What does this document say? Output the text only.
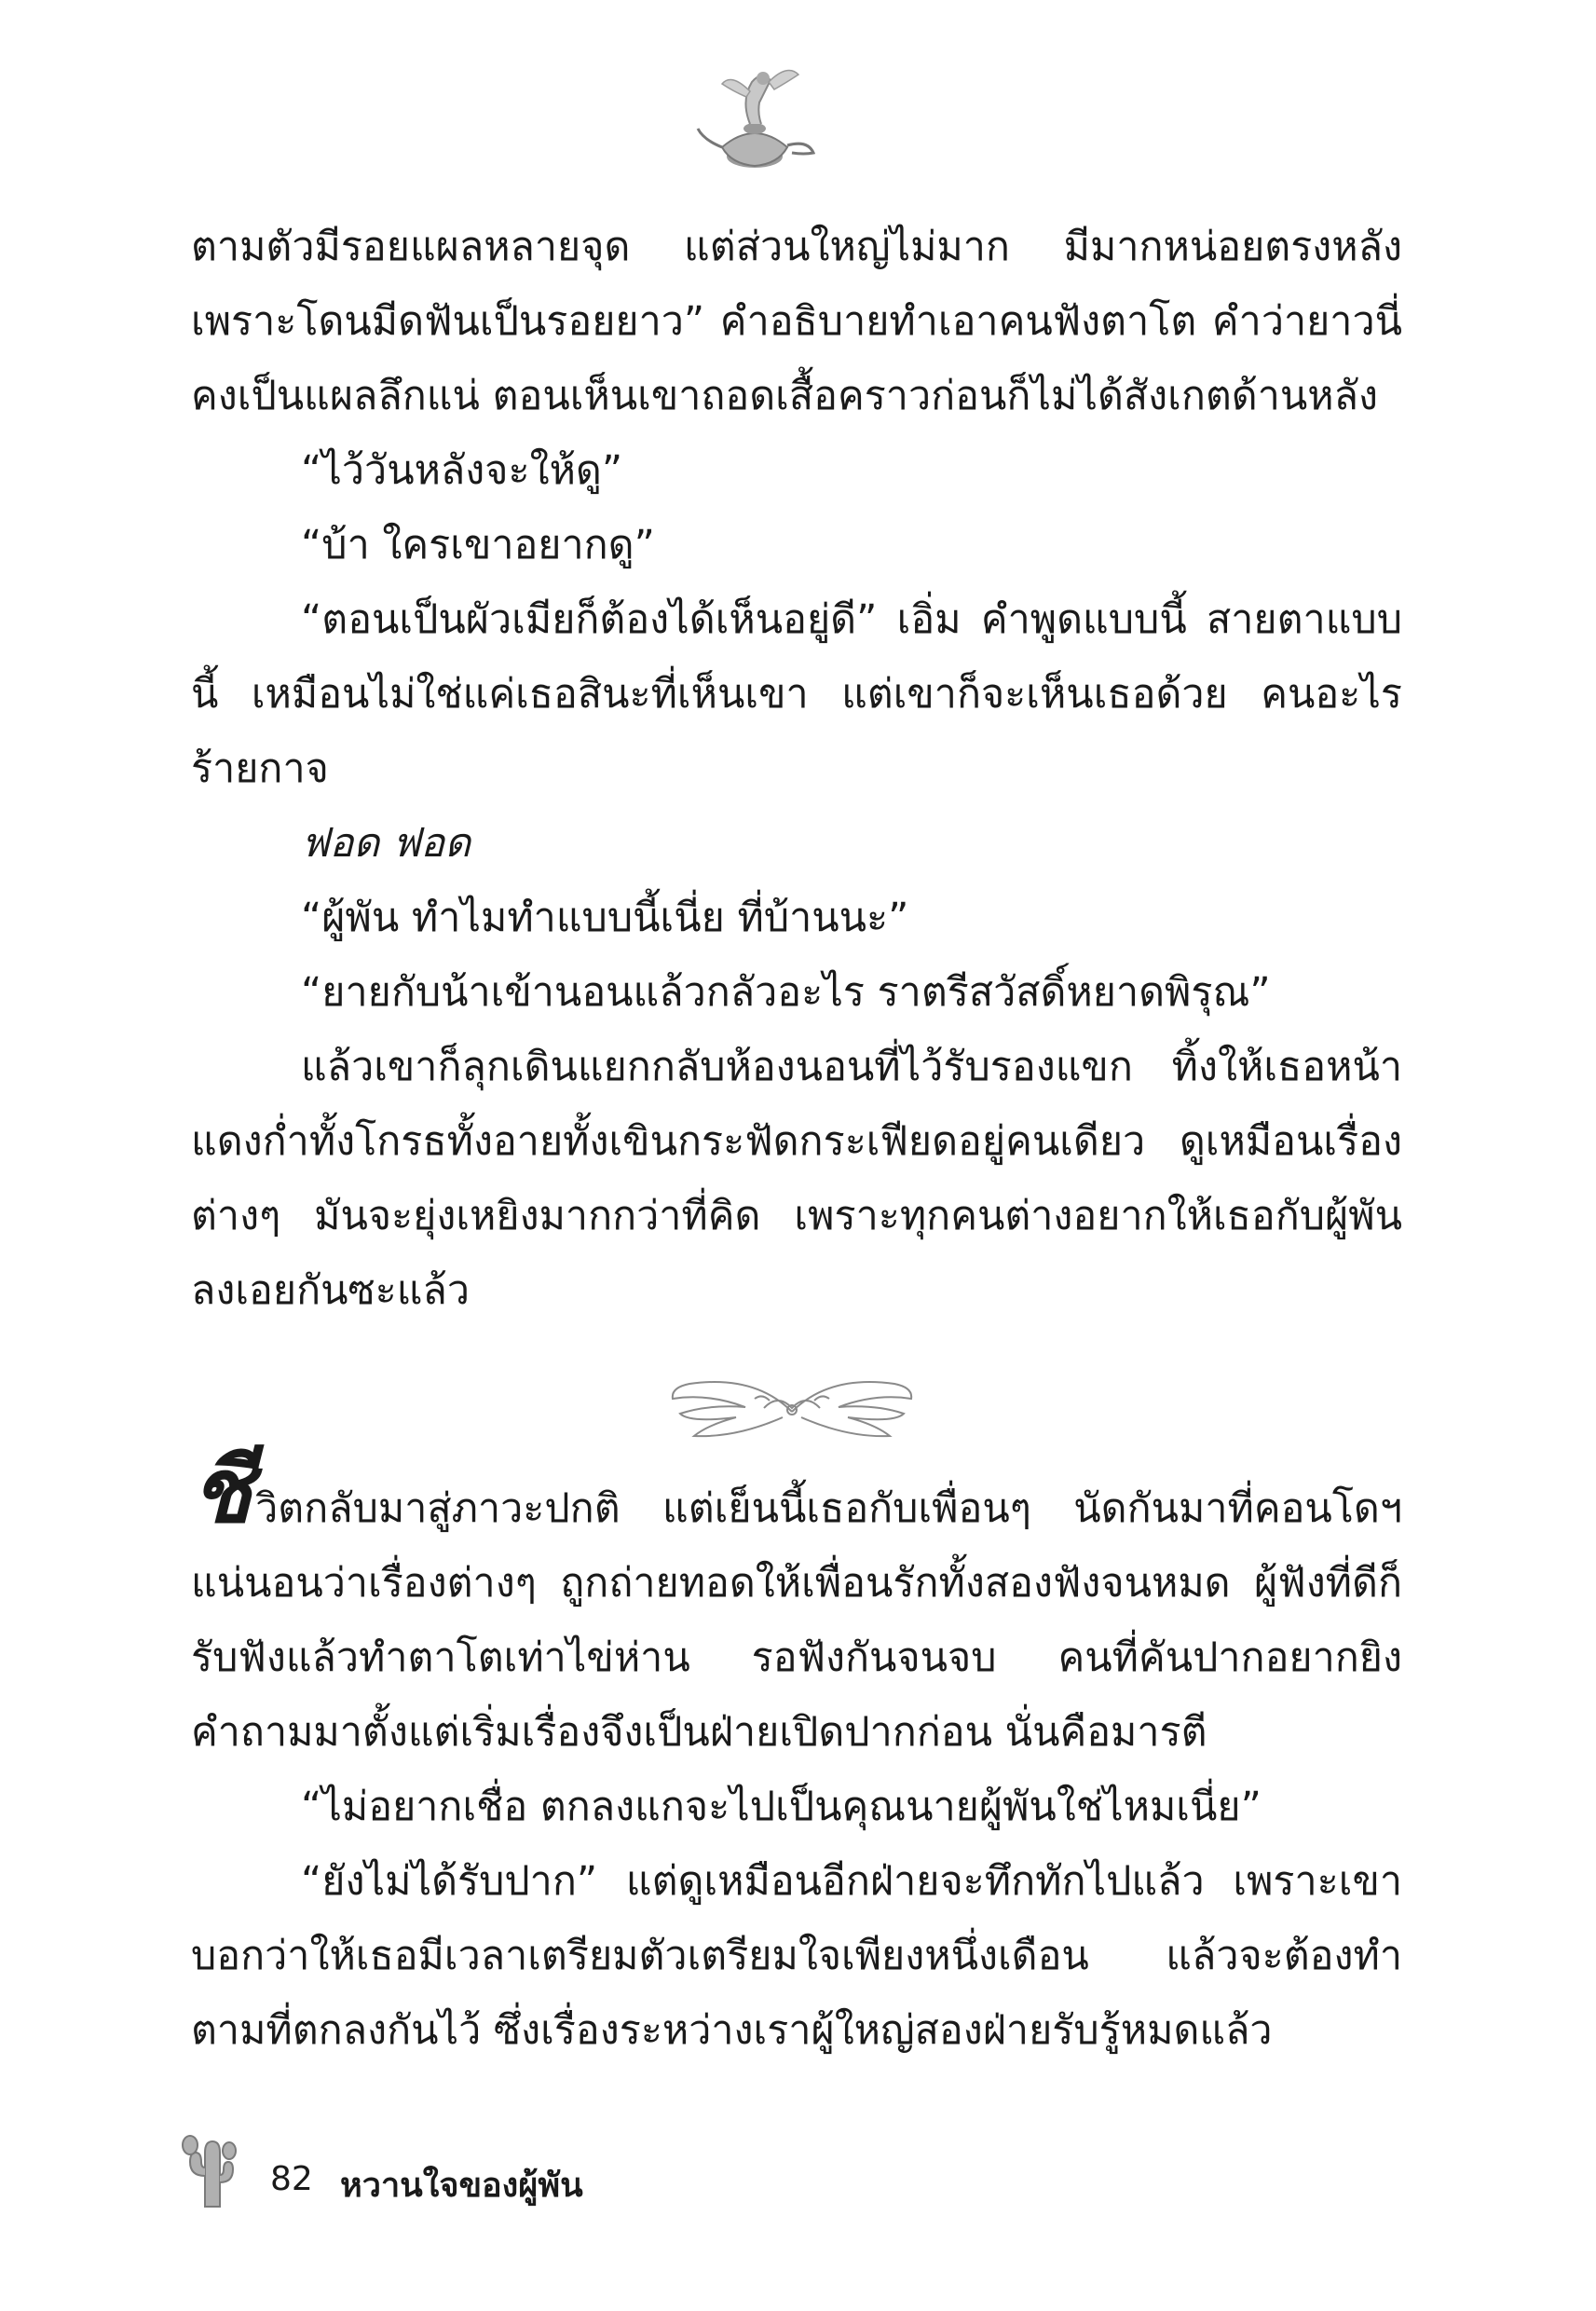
ตามตัวมีรอยแผลหลายจุด แต่ส่วนใหญ่ไม่มาก มีมากหน่อยตรงหลัง เพราะโดนมีดฟันเป็นรอยยาว” คำอธิบายทำเอาคนฟังตาโต คำว่ายาวนี่คงเป็นแผลลึกแน่ ตอนเห็นเขาถอดเสื้อคราวก่อนก็ไม่ได้สังเกตด้านหลัง

“ไว้วันหลังจะให้ดู”

“บ้า ใครเขาอยากดู”

“ตอนเป็นผัวเมียก็ต้องได้เห็นอยู่ดี” เอิ่ม คำพูดแบบนี้ สายตาแบบนี้ เหมือนไม่ใช่แค่เธอสินะที่เห็นเขา แต่เขาก็จะเห็นเธอด้วย คนอะไรร้ายกาจ

ฟอด ฟอด

“ผู้พัน ทำไมทำแบบนี้เนี่ย ที่บ้านนะ”

“ยายกับน้าเข้านอนแล้วกลัวอะไร ราตรีสวัสดิ์หยาดพิรุณ”

แล้วเขาก็ลุกเดินแยกกลับห้องนอนที่ไว้รับรองแขก ทิ้งให้เธอหน้าแดงก่ำทั้งโกรธทั้งอายทั้งเขินกระฟัดกระเฟียดอยู่คนเดียว ดูเหมือนเรื่องต่างๆ มันจะยุ่งเหยิงมากกว่าที่คิด เพราะทุกคนต่างอยากให้เธอกับผู้พันลงเอยกันซะแล้ว

ชีวิตกลับมาสู่ภาวะปกติ แต่เย็นนี้เธอกับเพื่อนๆ นัดกันมาที่คอนโดฯ แน่นอนว่าเรื่องต่างๆ ถูกถ่ายทอดให้เพื่อนรักทั้งสองฟังจนหมด ผู้ฟังที่ดีก็รับฟังแล้วทำตาโตเท่าไข่ห่าน รอฟังกันจนจบ คนที่คันปากอยากยิงคำถามมาตั้งแต่เริ่มเรื่องจึงเป็นฝ่ายเปิดปากก่อน นั่นคือมารตี

“ไม่อยากเชื่อ ตกลงแกจะไปเป็นคุณนายผู้พันใช่ไหมเนี่ย”

“ยังไม่ได้รับปาก” แต่ดูเหมือนอีกฝ่ายจะทึกทักไปแล้ว เพราะเขาบอกว่าให้เธอมีเวลาเตรียมตัวเตรียมใจเพียงหนึ่งเดือน แล้วจะต้องทำตามที่ตกลงกันไว้ ซึ่งเรื่องระหว่างเราผู้ใหญ่สองฝ่ายรับรู้หมดแล้ว

82 หวานใจของผู้พัน
